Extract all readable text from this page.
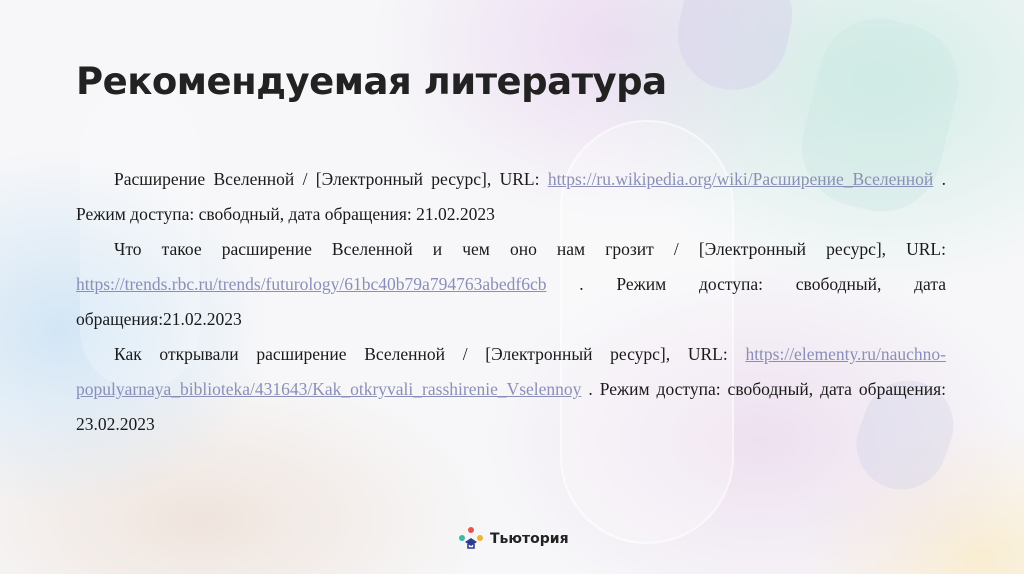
Рекомендуемая литература

Расширение Вселенной / [Электронный ресурс], URL: https://ru.wikipedia.org/wiki/Расширение_Вселенной . Режим доступа: свободный, дата обращения: 21.02.2023

Что такое расширение Вселенной и чем оно нам грозит / [Электронный ресурс], URL: https://trends.rbc.ru/trends/futurology/61bc40b79a794763abedf6cb . Режим доступа: свободный, дата обращения:21.02.2023

Как открывали расширение Вселенной / [Электронный ресурс], URL: https://elementy.ru/nauchno-populyarnaya_biblioteka/431643/Kak_otkryvali_rasshirenie_Vselennoy . Режим доступа: свободный, дата обращения: 23.02.2023

Тьютория
